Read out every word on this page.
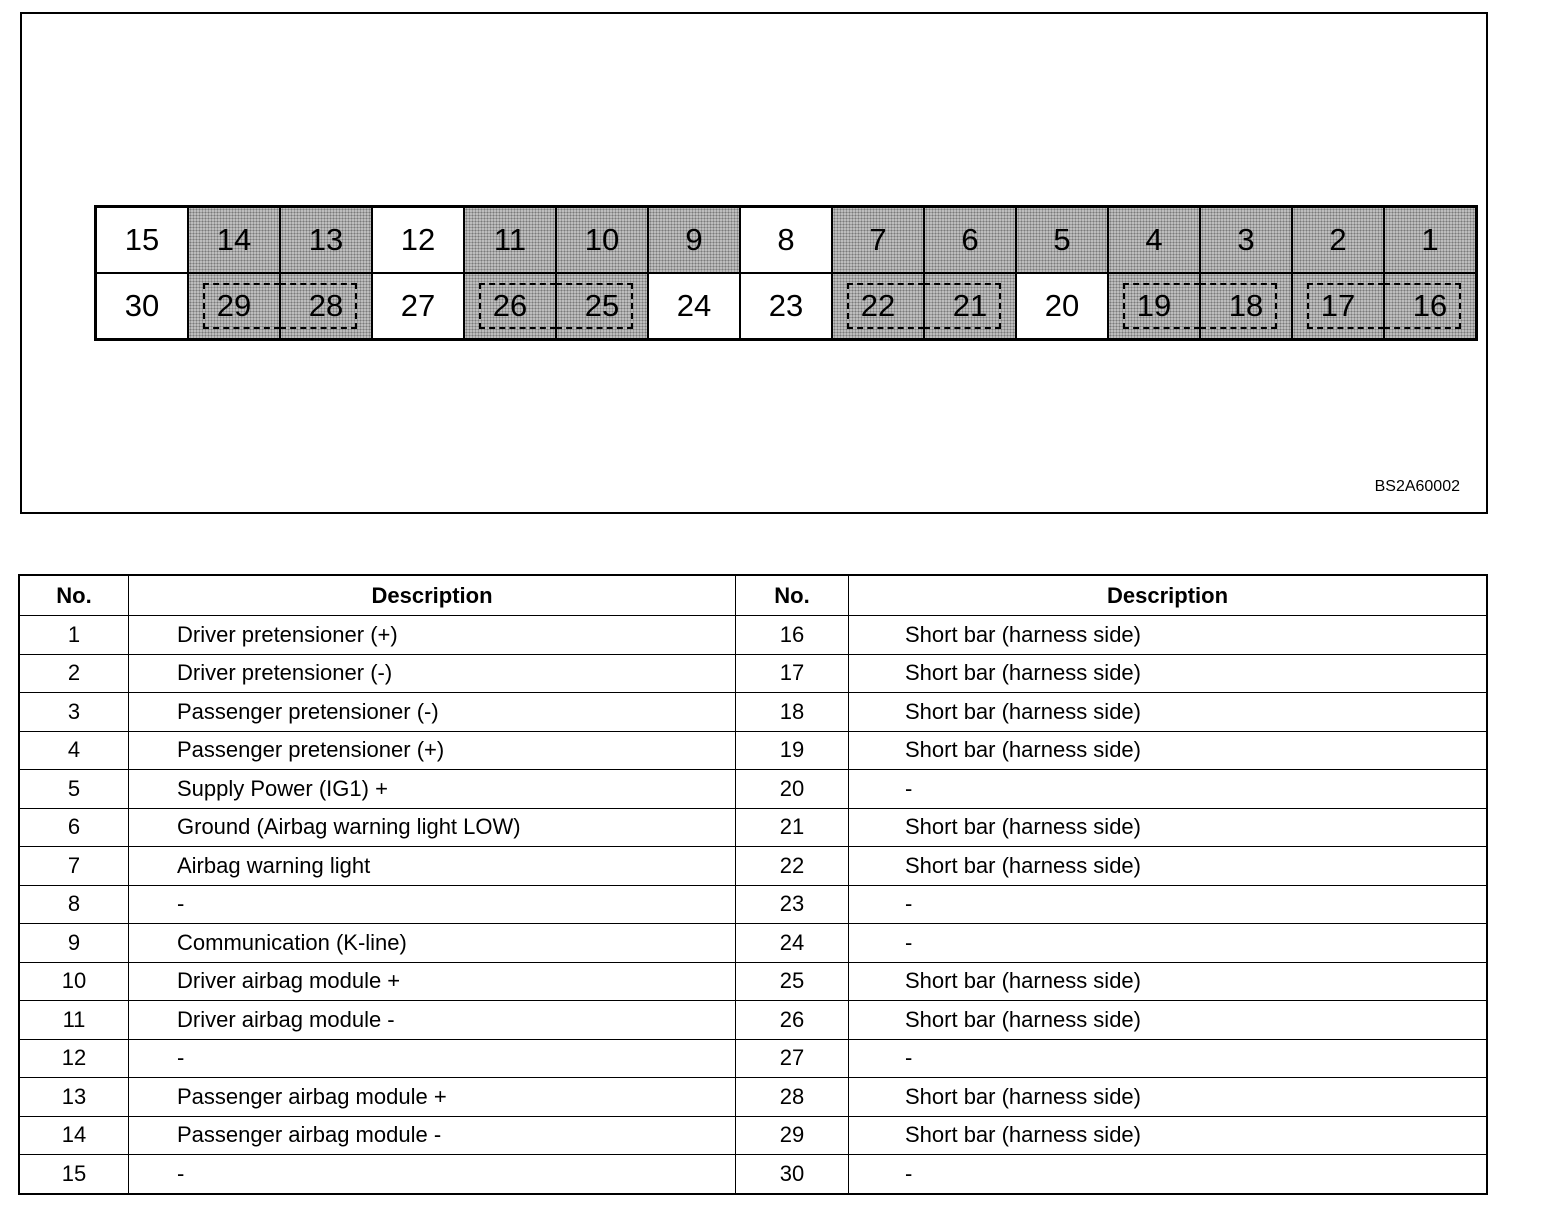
15 14 13 12 11 10 9 8 7 6 5 4 3 2 1
30 29 28 27 26 25 24 23 22 21 20 19 18 17 16
BS2A60002
No.	Description	No.	Description
1	Driver pretensioner (+)	16	Short bar (harness side)
2	Driver pretensioner (-)	17	Short bar (harness side)
3	Passenger pretensioner (-)	18	Short bar (harness side)
4	Passenger pretensioner (+)	19	Short bar (harness side)
5	Supply Power (IG1) +	20	-
6	Ground (Airbag warning light LOW)	21	Short bar (harness side)
7	Airbag warning light	22	Short bar (harness side)
8	-	23	-
9	Communication (K-line)	24	-
10	Driver airbag module +	25	Short bar (harness side)
11	Driver airbag module -	26	Short bar (harness side)
12	-	27	-
13	Passenger airbag module +	28	Short bar (harness side)
14	Passenger airbag module -	29	Short bar (harness side)
15	-	30	-
